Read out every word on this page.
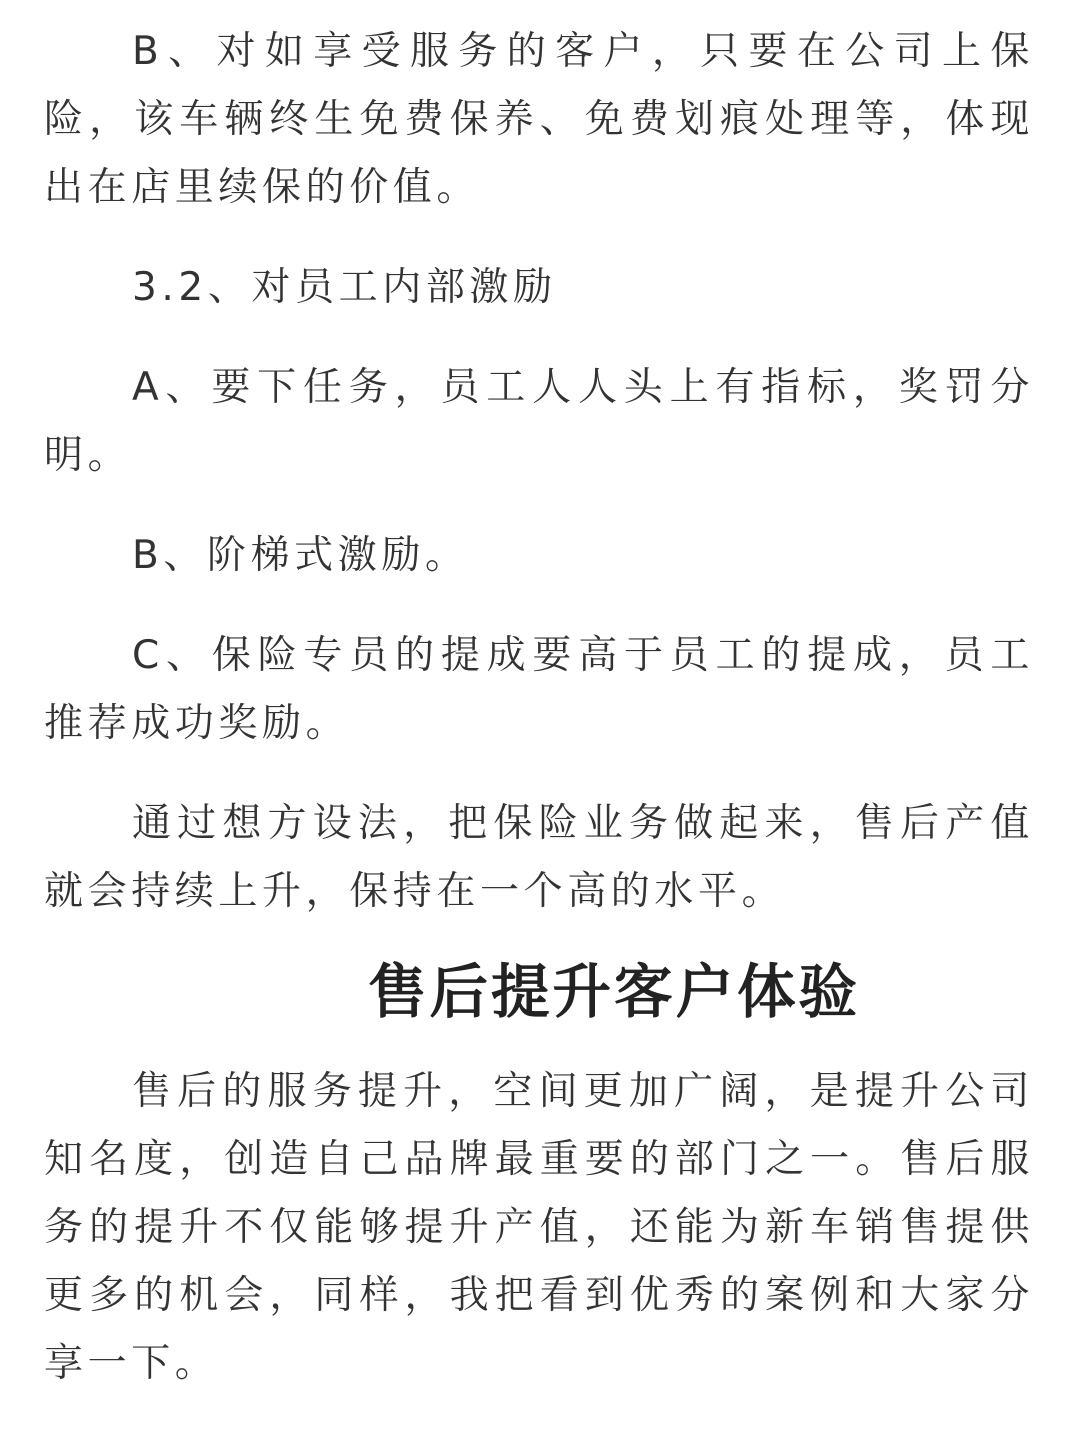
B、对如享受服务的客户，只要在公司上保险，该车辆终生免费保养、免费划痕处理等，体现出在店里续保的价值。

3.2、对员工内部激励

A、要下任务，员工人人头上有指标，奖罚分明。

B、阶梯式激励。

C、保险专员的提成要高于员工的提成，员工推荐成功奖励。

通过想方设法，把保险业务做起来，售后产值就会持续上升，保持在一个高的水平。

售后提升客户体验

售后的服务提升，空间更加广阔，是提升公司知名度，创造自己品牌最重要的部门之一。售后服务的提升不仅能够提升产值，还能为新车销售提供更多的机会，同样，我把看到优秀的案例和大家分享一下。
